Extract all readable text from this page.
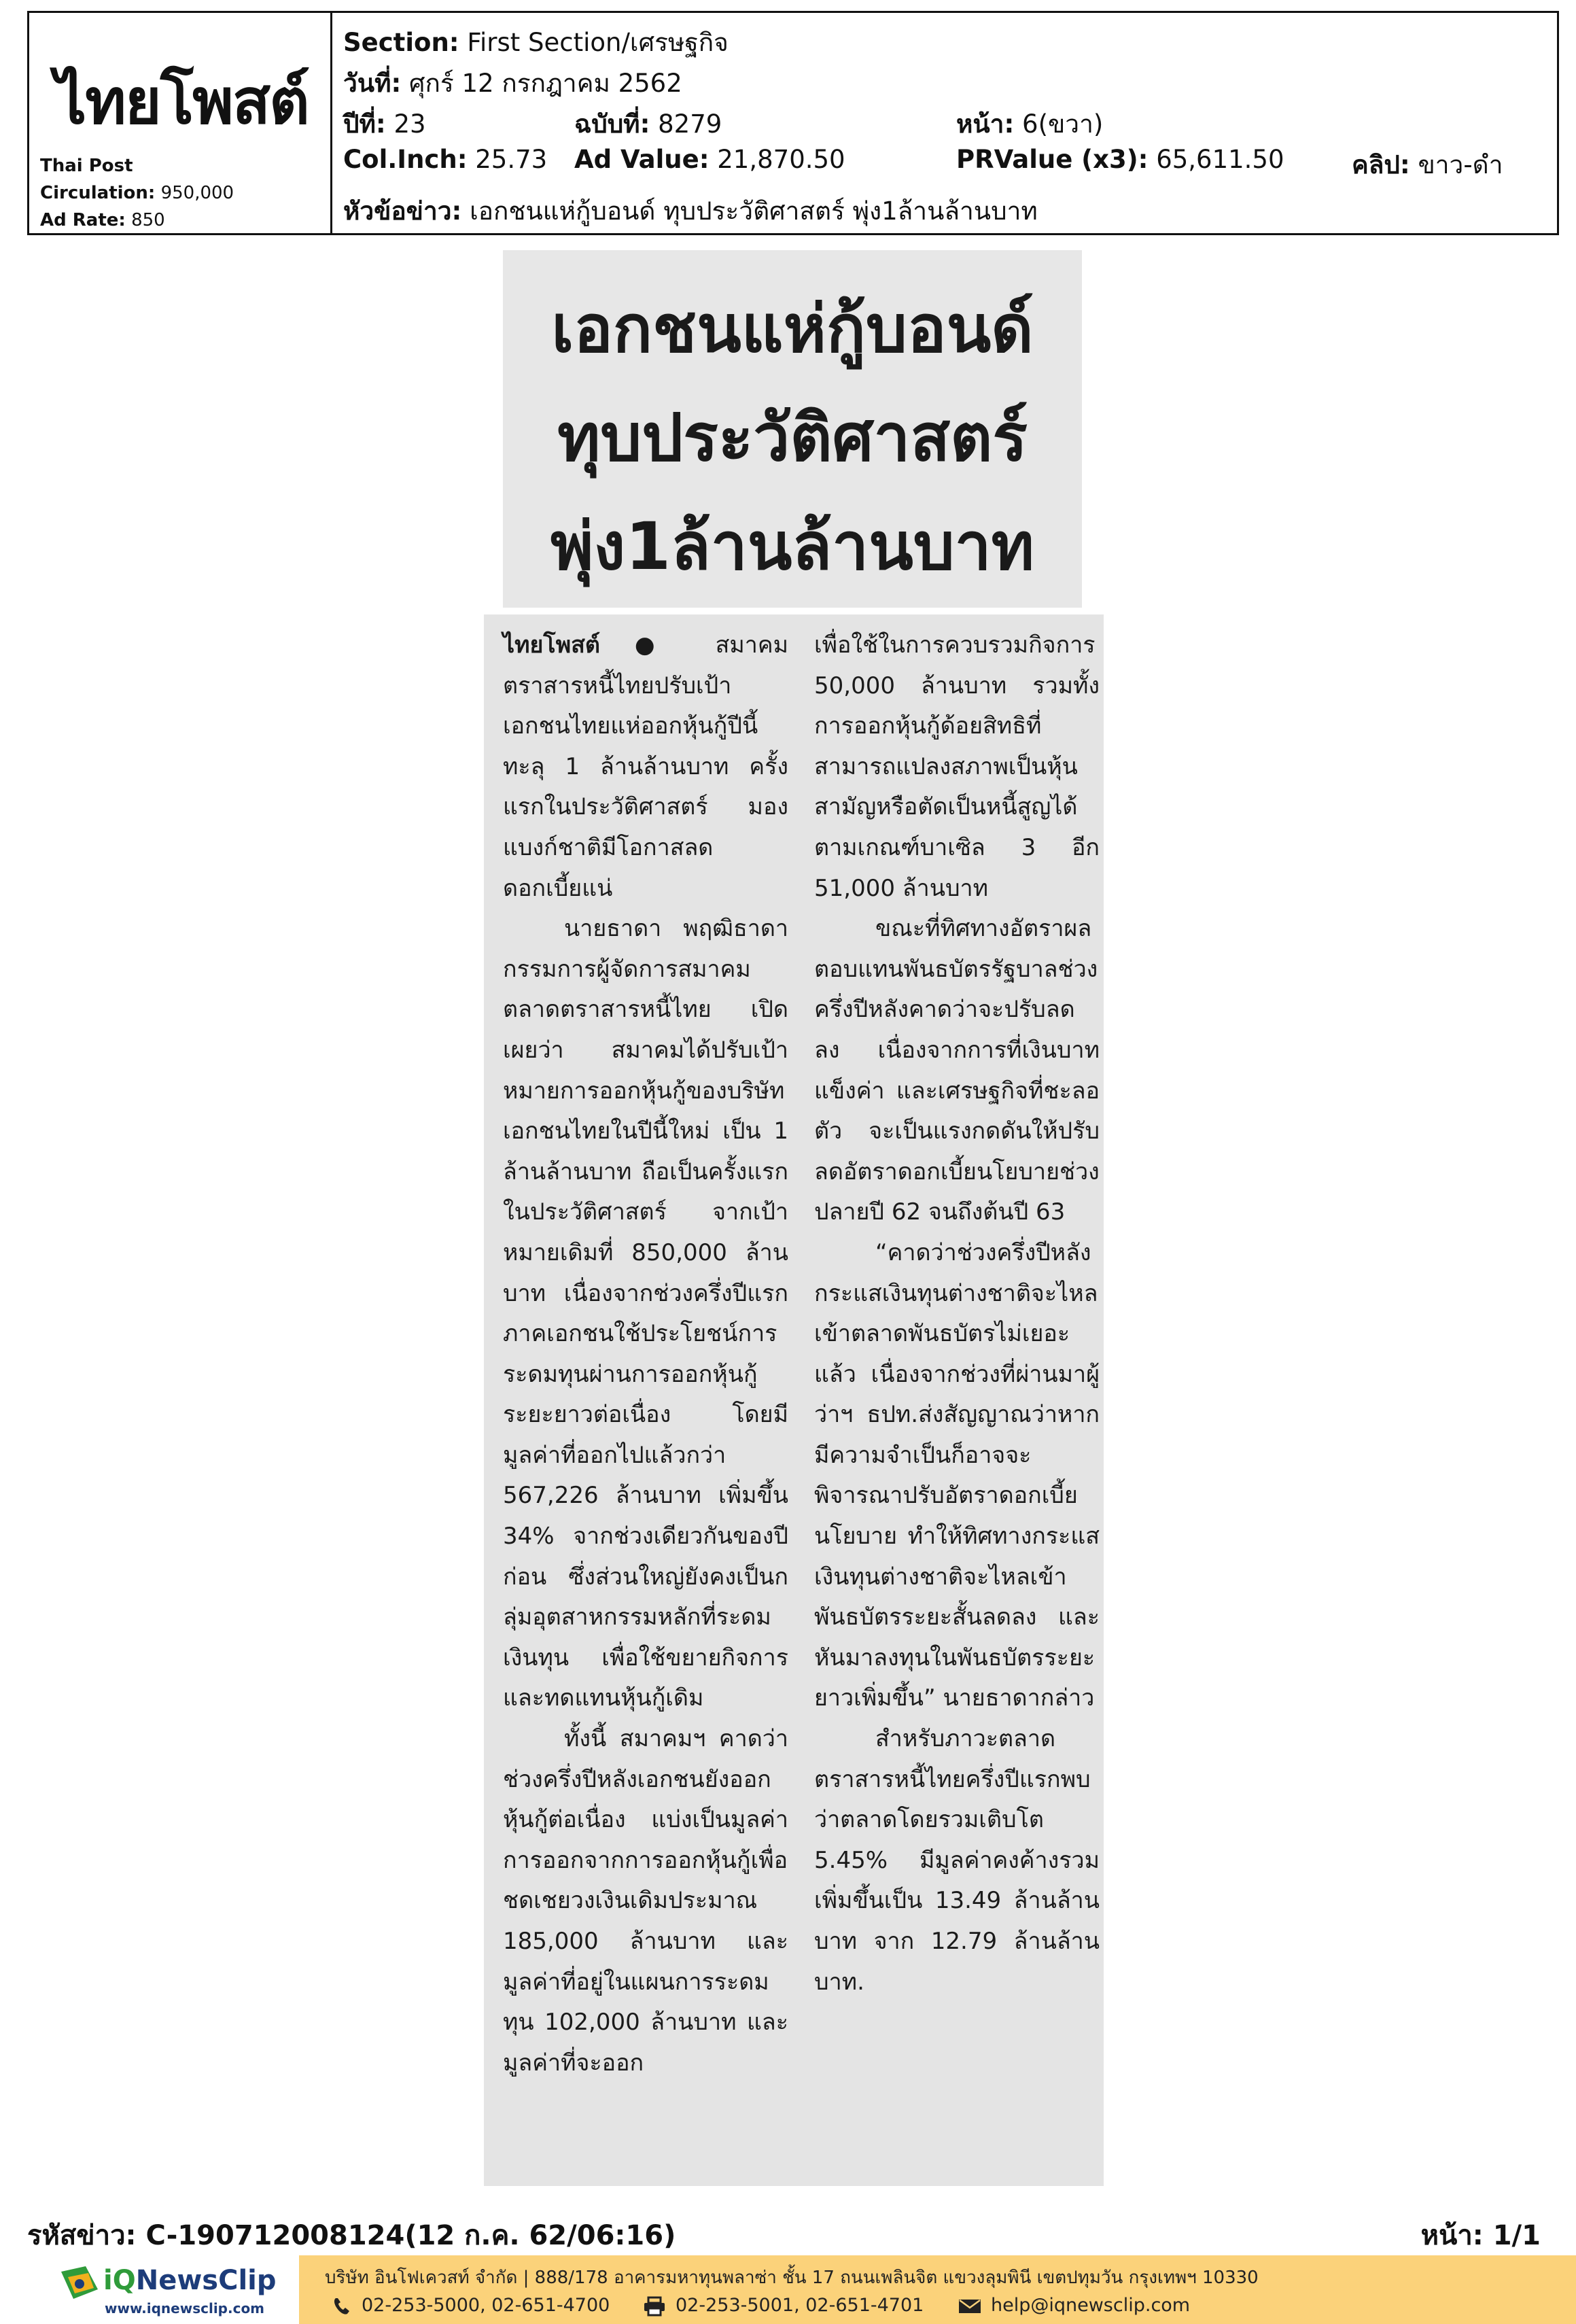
ไทยโพสต์
Thai Post
Circulation: 950,000
Ad Rate: 850
Section: First Section/เศรษฐกิจ
วันที่: ศุกร์ 12 กรกฎาคม 2562
ปีที่: 23	ฉบับที่: 8279	หน้า: 6(ขวา)
Col.Inch: 25.73 Ad Value: 21,870.50	PRValue (x3): 65,611.50	คลิป: ขาว-ดำ
หัวข้อข่าว: เอกชนแห่กู้บอนด์ ทุบประวัติศาสตร์ พุ่ง1ล้านล้านบาท
เอกชนแห่กู้บอนด์
ทุบประวัติศาสตร์
พุ่ง1ล้านล้านบาท

ไทยโพสต์ ● สมาคมตราสารหนี้ไทยปรับเป้าเอกชนไทยแห่ออกหุ้นกู้ปีนี้ทะลุ 1 ล้านล้านบาท ครั้งแรกในประวัติศาสตร์ มองแบงก์ชาติมีโอกาสลดดอกเบี้ยแน่

นายธาดา พฤฒิธาดา กรรมการผู้จัดการสมาคมตลาดตราสารหนี้ไทย เปิดเผยว่า สมาคมได้ปรับเป้าหมายการออกหุ้นกู้ของบริษัทเอกชนไทยในปีนี้ใหม่ เป็น 1 ล้านล้านบาท ถือเป็นครั้งแรกในประวัติศาสตร์ จากเป้าหมายเดิมที่ 850,000 ล้านบาท เนื่องจากช่วงครึ่งปีแรกภาคเอกชนใช้ประโยชน์การระดมทุนผ่านการออกหุ้นกู้ระยะยาวต่อเนื่อง โดยมีมูลค่าที่ออกไปแล้วกว่า 567,226 ล้านบาท เพิ่มขึ้น 34% จากช่วงเดียวกันของปีก่อน ซึ่งส่วนใหญ่ยังคงเป็นกลุ่มอุตสาหกรรมหลักที่ระดมเงินทุน เพื่อใช้ขยายกิจการและทดแทนหุ้นกู้เดิม

ทั้งนี้ สมาคมฯ คาดว่าช่วงครึ่งปีหลังเอกชนยังออกหุ้นกู้ต่อเนื่อง แบ่งเป็นมูลค่าการออกจากการออกหุ้นกู้เพื่อชดเชยวงเงินเดิมประมาณ 185,000 ล้านบาท และมูลค่าที่อยู่ในแผนการระดมทุน 102,000 ล้านบาท และมูลค่าที่จะออก

เพื่อใช้ในการควบรวมกิจการ 50,000 ล้านบาท รวมทั้งการออกหุ้นกู้ด้อยสิทธิที่สามารถแปลงสภาพเป็นหุ้นสามัญหรือตัดเป็นหนี้สูญได้ตามเกณฑ์บาเซิล 3 อีก 51,000 ล้านบาท

ขณะที่ทิศทางอัตราผลตอบแทนพันธบัตรรัฐบาลช่วงครึ่งปีหลังคาดว่าจะปรับลดลง เนื่องจากการที่เงินบาทแข็งค่า และเศรษฐกิจที่ชะลอตัว จะเป็นแรงกดดันให้ปรับลดอัตราดอกเบี้ยนโยบายช่วงปลายปี 62 จนถึงต้นปี 63

“คาดว่าช่วงครึ่งปีหลังกระแสเงินทุนต่างชาติจะไหลเข้าตลาดพันธบัตรไม่เยอะแล้ว เนื่องจากช่วงที่ผ่านมาผู้ว่าฯ ธปท.ส่งสัญญาณว่าหากมีความจำเป็นก็อาจจะพิจารณาปรับอัตราดอกเบี้ยนโยบาย ทำให้ทิศทางกระแสเงินทุนต่างชาติจะไหลเข้าพันธบัตรระยะสั้นลดลง และหันมาลงทุนในพันธบัตรระยะยาวเพิ่มขึ้น” นายธาดากล่าว

สำหรับภาวะตลาดตราสารหนี้ไทยครึ่งปีแรกพบว่าตลาดโดยรวมเติบโต 5.45% มีมูลค่าคงค้างรวมเพิ่มขึ้นเป็น 13.49 ล้านล้านบาท จาก 12.79 ล้านล้านบาท.

รหัสข่าว: C-190712008124(12 ก.ค. 62/06:16)	หน้า: 1/1
iQNewsClip
www.iqnewsclip.com
บริษัท อินโฟเควสท์ จำกัด | 888/178 อาคารมหาทุนพลาซ่า ชั้น 17 ถนนเพลินจิต แขวงลุมพินี เขตปทุมวัน กรุงเทพฯ 10330
02-253-5000, 02-651-4700	02-253-5001, 02-651-4701	help@iqnewsclip.com
